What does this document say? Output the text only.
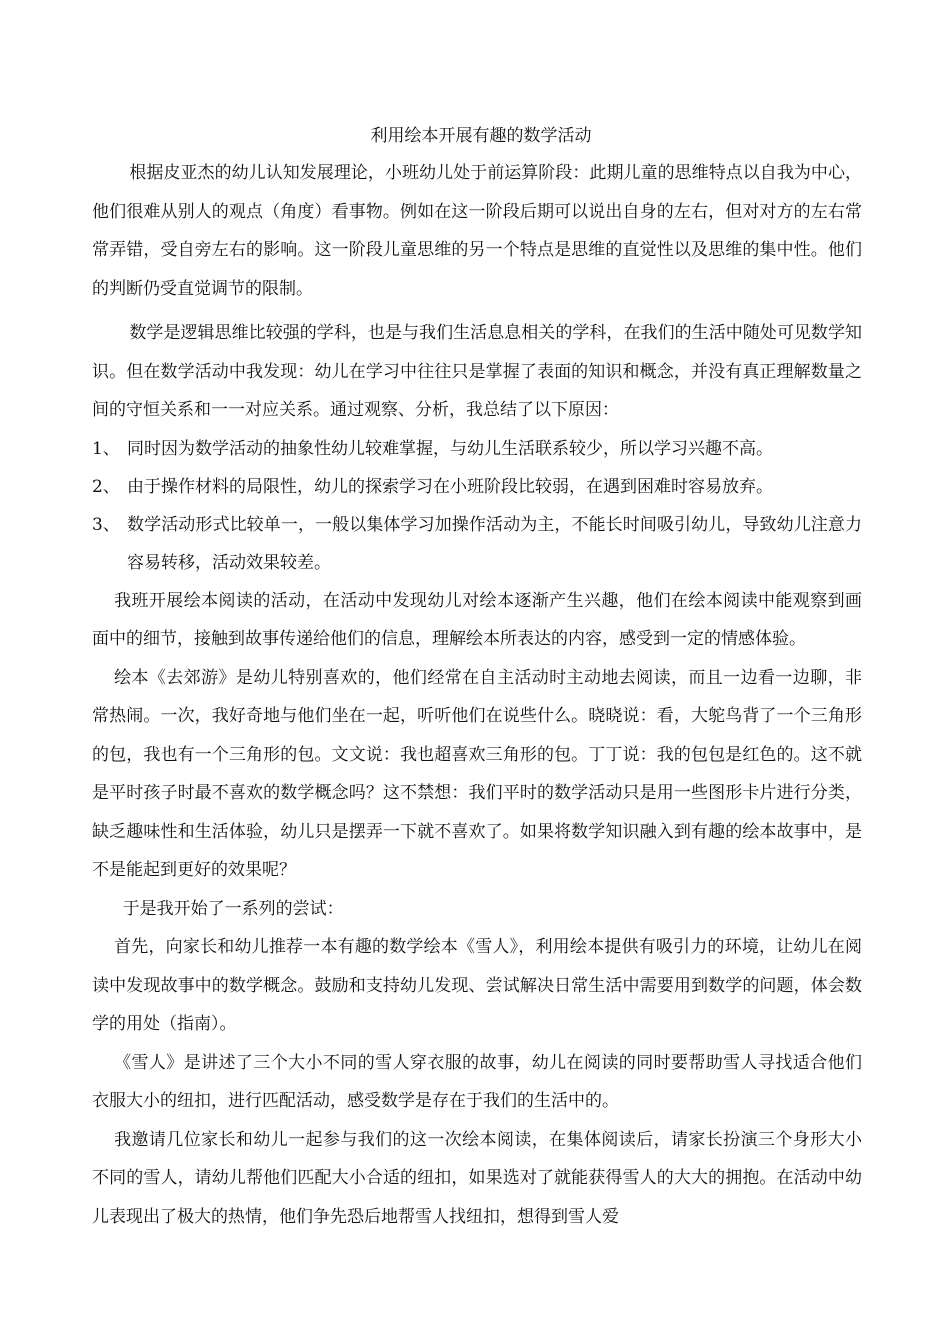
利用绘本开展有趣的数学活动

根据皮亚杰的幼儿认知发展理论，小班幼儿处于前运算阶段：此期儿童的思维特点以自我为中心，他们很难从别人的观点（角度）看事物。例如在这一阶段后期可以说出自身的左右，但对对方的左右常常弄错，受自旁左右的影响。这一阶段儿童思维的另一个特点是思维的直觉性以及思维的集中性。他们的判断仍受直觉调节的限制。

数学是逻辑思维比较强的学科，也是与我们生活息息相关的学科，在我们的生活中随处可见数学知识。但在数学活动中我发现：幼儿在学习中往往只是掌握了表面的知识和概念，并没有真正理解数量之间的守恒关系和一一对应关系。通过观察、分析，我总结了以下原因：

1、 同时因为数学活动的抽象性幼儿较难掌握，与幼儿生活联系较少，所以学习兴趣不高。
2、 由于操作材料的局限性，幼儿的探索学习在小班阶段比较弱，在遇到困难时容易放弃。
3、 数学活动形式比较单一，一般以集体学习加操作活动为主，不能长时间吸引幼儿，导致幼儿注意力容易转移，活动效果较差。

我班开展绘本阅读的活动，在活动中发现幼儿对绘本逐渐产生兴趣，他们在绘本阅读中能观察到画面中的细节，接触到故事传递给他们的信息，理解绘本所表达的内容，感受到一定的情感体验。

绘本《去郊游》是幼儿特别喜欢的，他们经常在自主活动时主动地去阅读，而且一边看一边聊，非常热闹。一次，我好奇地与他们坐在一起，听听他们在说些什么。晓晓说：看，大鸵鸟背了一个三角形的包，我也有一个三角形的包。文文说：我也超喜欢三角形的包。丁丁说：我的包包是红色的。这不就是平时孩子时最不喜欢的数学概念吗？这不禁想：我们平时的数学活动只是用一些图形卡片进行分类，缺乏趣味性和生活体验，幼儿只是摆弄一下就不喜欢了。如果将数学知识融入到有趣的绘本故事中，是不是能起到更好的效果呢？

于是我开始了一系列的尝试：

首先，向家长和幼儿推荐一本有趣的数学绘本《雪人》，利用绘本提供有吸引力的环境，让幼儿在阅读中发现故事中的数学概念。鼓励和支持幼儿发现、尝试解决日常生活中需要用到数学的问题，体会数学的用处（指南）。

《雪人》是讲述了三个大小不同的雪人穿衣服的故事，幼儿在阅读的同时要帮助雪人寻找适合他们衣服大小的纽扣，进行匹配活动，感受数学是存在于我们的生活中的。

我邀请几位家长和幼儿一起参与我们的这一次绘本阅读，在集体阅读后，请家长扮演三个身形大小不同的雪人，请幼儿帮他们匹配大小合适的纽扣，如果选对了就能获得雪人的大大的拥抱。在活动中幼儿表现出了极大的热情，他们争先恐后地帮雪人找纽扣，想得到雪人爱
